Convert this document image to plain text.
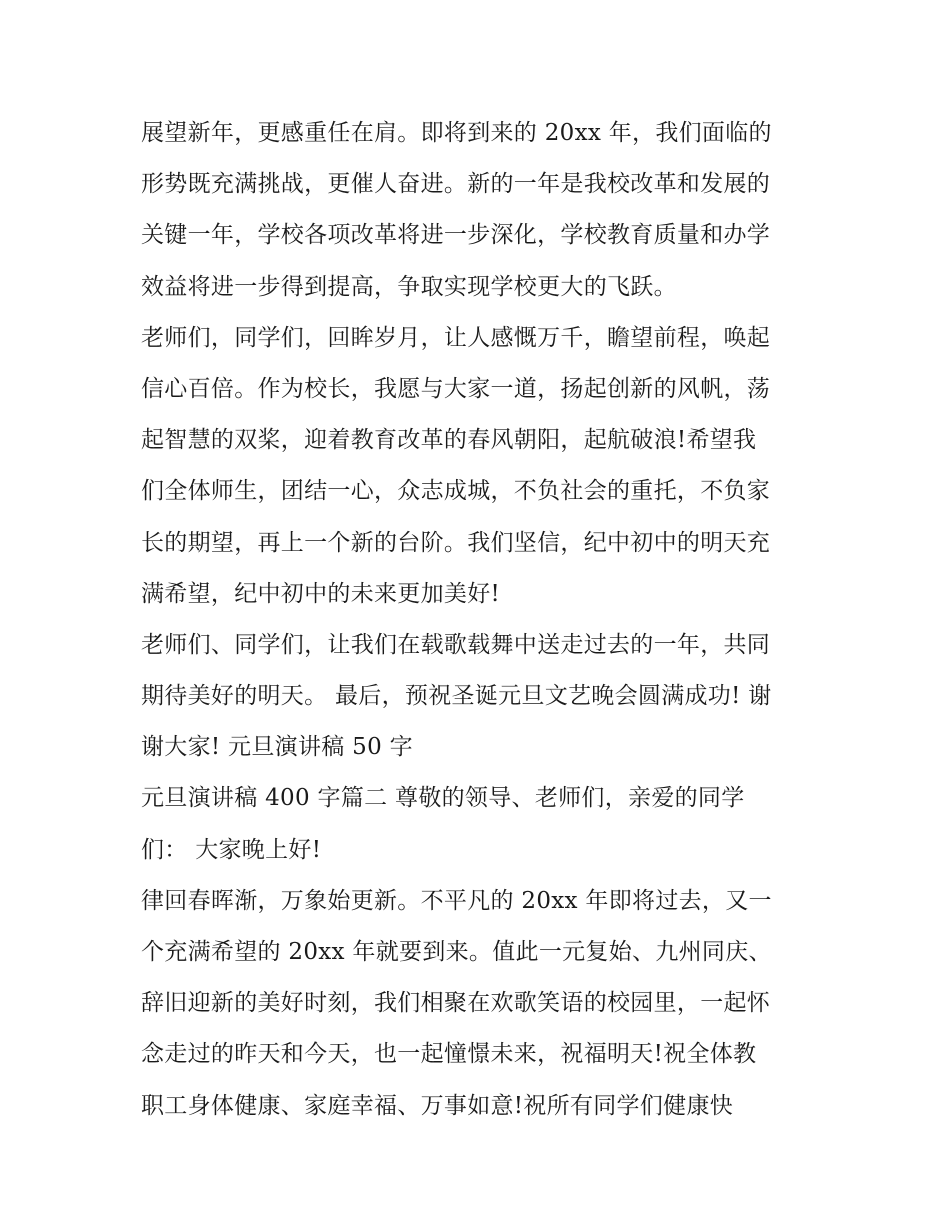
展望新年，更感重任在肩。即将到来的 20xx 年，我们面临的
形势既充满挑战，更催人奋进。新的一年是我校改革和发展的
关键一年，学校各项改革将进一步深化，学校教育质量和办学
效益将进一步得到提高，争取实现学校更大的飞跃。
老师们，同学们，回眸岁月，让人感慨万千，瞻望前程，唤起
信心百倍。作为校长，我愿与大家一道，扬起创新的风帆，荡
起智慧的双桨，迎着教育改革的春风朝阳，起航破浪!希望我
们全体师生，团结一心，众志成城，不负社会的重托，不负家
长的期望，再上一个新的台阶。我们坚信，纪中初中的明天充
满希望，纪中初中的未来更加美好!
老师们、同学们，让我们在载歌载舞中送走过去的一年，共同
期待美好的明天。 最后，预祝圣诞元旦文艺晚会圆满成功! 谢
谢大家! 元旦演讲稿 50 字
元旦演讲稿 400 字篇二 尊敬的领导、老师们，亲爱的同学
们： 大家晚上好!
律回春晖渐，万象始更新。不平凡的 20xx 年即将过去，又一
个充满希望的 20xx 年就要到来。值此一元复始、九州同庆、
辞旧迎新的美好时刻，我们相聚在欢歌笑语的校园里，一起怀
念走过的昨天和今天，也一起憧憬未来，祝福明天!祝全体教
职工身体健康、家庭幸福、万事如意!祝所有同学们健康快
